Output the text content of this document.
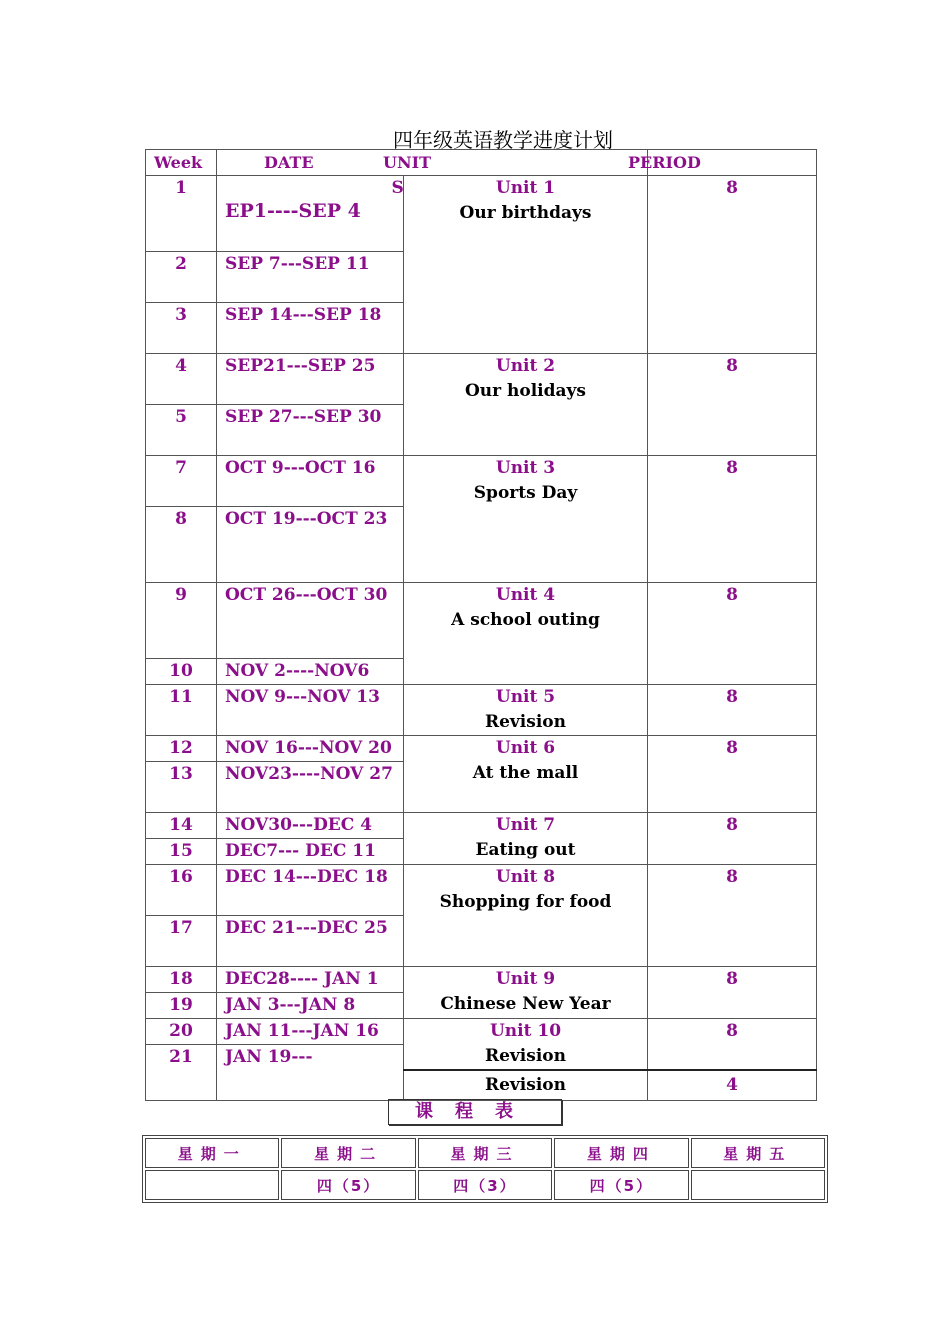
四年级英语教学进度计划
Week	DATE UNIT		PERIOD
1	EP1----SEP 4	S Unit 1
Our birthdays	8
2	SEP 7---SEP 11		
3	SEP 14---SEP 18		
4	SEP21---SEP 25	Unit 2
Our holidays	8
5	SEP 27---SEP 30		
7	OCT 9---OCT 16	Unit 3
Sports Day	8
8	OCT 19---OCT 23		
9	OCT 26---OCT 30	Unit 4
A school outing	8
10	NOV 2----NOV6		
11	NOV 9---NOV 13	Unit 5
Revision	8
12	NOV 16---NOV 20	Unit 6
At the mall	8
13	NOV23----NOV 27		
14	NOV30---DEC 4	Unit 7
Eating out	8
15	DEC7--- DEC 11		
16	DEC 14---DEC 18	Unit 8
Shopping for food	8
17	DEC 21---DEC 25		
18	DEC28---- JAN 1	Unit 9
Chinese New Year	8
19	JAN 3---JAN 8		
20	JAN 11---JAN 16	Unit 10
Revision	8
21	JAN 19---		

		Revision	4
课程表
星期一	星期二	星期三	星期四	星期五
	四（5）	四（3）	四（5）	
